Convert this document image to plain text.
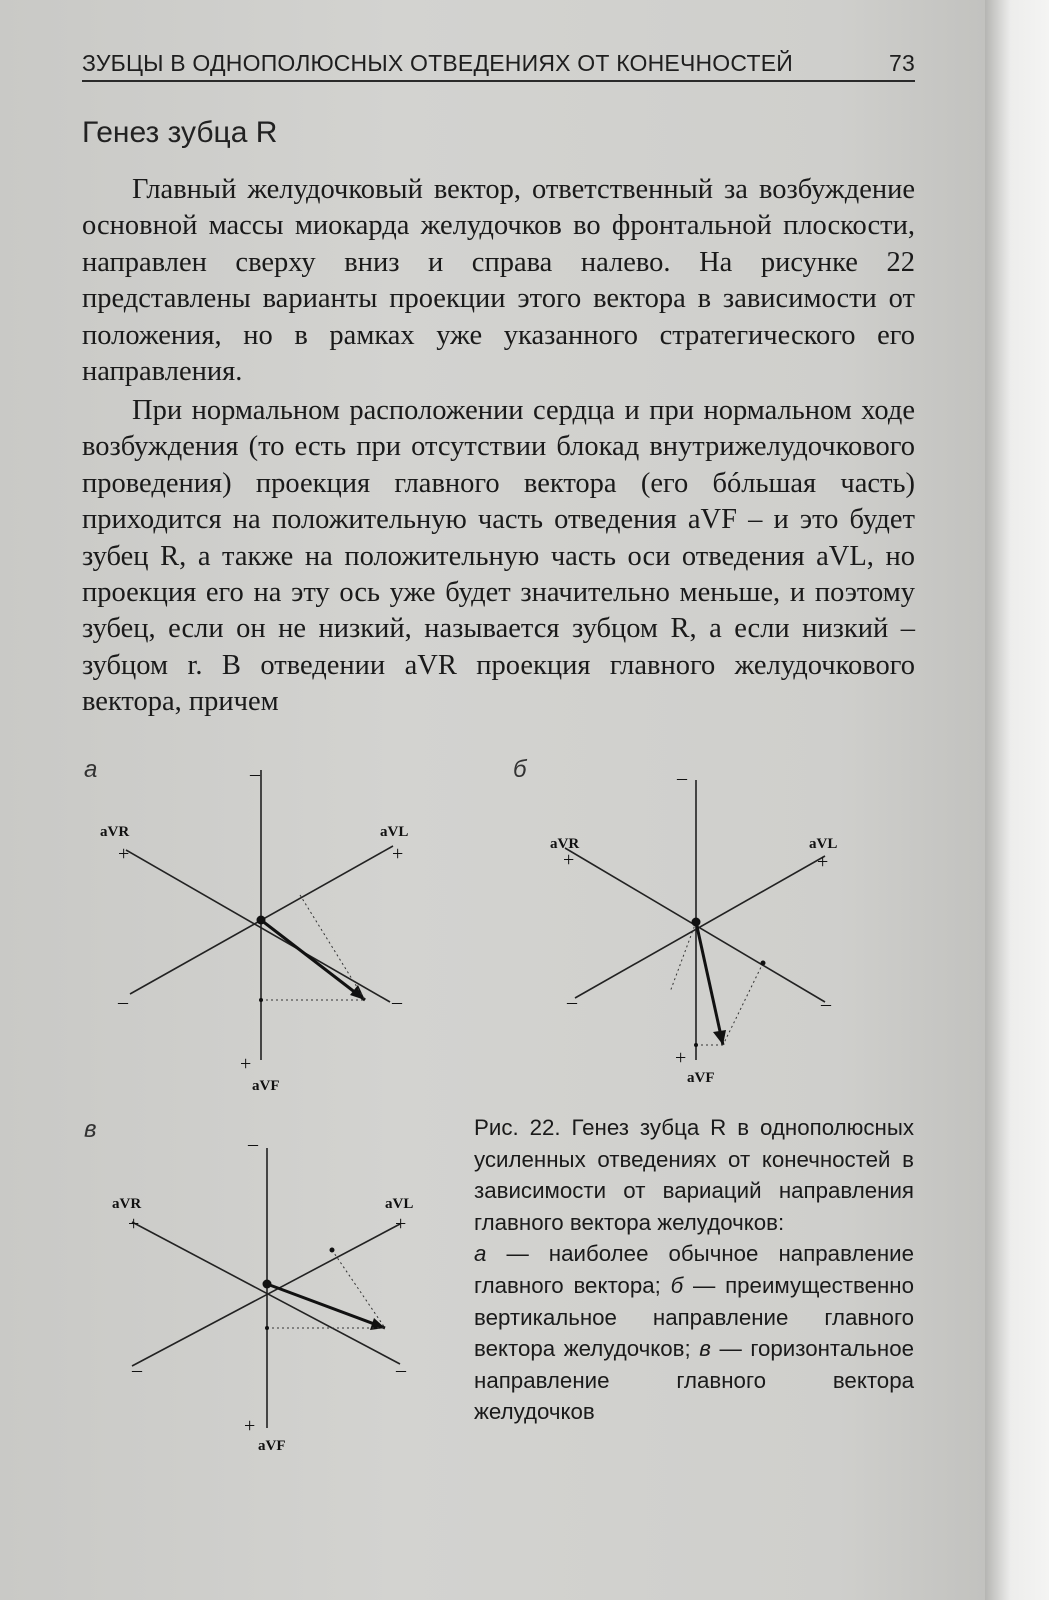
ЗУБЦЫ В ОДНОПОЛЮСНЫХ ОТВЕДЕНИЯХ ОТ КОНЕЧНОСТЕЙ	73
Генез зубца R

Главный желудочковый вектор, ответственный за возбуждение основной массы миокарда желудочков во фронтальной плоскости, направлен сверху вниз и справа налево. На рисунке 22 представлены варианты проекции этого вектора в зависимости от положения, но в рамках уже указанного стратегического его направления.

При нормальном расположении сердца и при нормальном ходе возбуждения (то есть при отсутствии блокад внутрижелудочкового проведения) проекция главного вектора (его бóльшая часть) приходится на положительную часть отведения aVF – и это будет зубец R, а также на положительную часть оси отведения aVL, но проекция его на эту ось уже будет значительно меньше, и поэтому зубец, если он не низкий, называется зубцом R, а если низкий – зубцом r. В отведении aVR проекция главного желудочкового вектора, причем

а
aVR	aVL
aVF
+	+
+
–	–
–	б
aVR	aVL
aVF
+	+
+
–	–
–
в
aVR	aVL
aVF
+	+
+
–	–
–

Рис. 22. Генез зубца R в однополюсных усиленных отведениях от конечностей в зависимости от вариаций направления главного вектора желудочков:

а — наиболее обычное направление главного вектора; б — преимущественно вертикальное направление главного вектора желудочков; в — горизонтальное направление главного вектора желудочков
